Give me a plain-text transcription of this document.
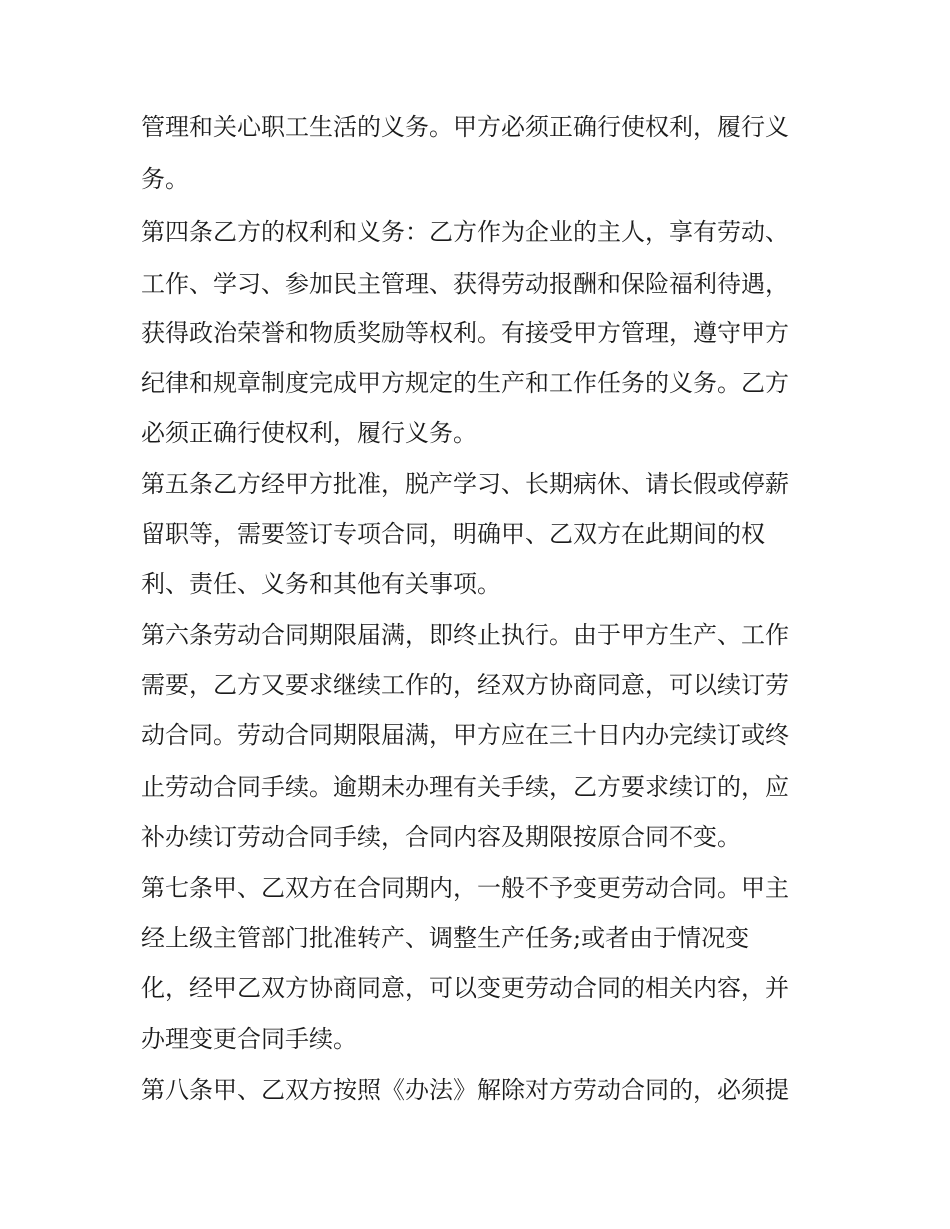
管理和关心职工生活的义务。甲方必须正确行使权利，履行义
务。
第四条乙方的权利和义务：乙方作为企业的主人，享有劳动、
工作、学习、参加民主管理、获得劳动报酬和保险福利待遇，
获得政治荣誉和物质奖励等权利。有接受甲方管理，遵守甲方
纪律和规章制度完成甲方规定的生产和工作任务的义务。乙方
必须正确行使权利，履行义务。
第五条乙方经甲方批准，脱产学习、长期病休、请长假或停薪
留职等，需要签订专项合同，明确甲、乙双方在此期间的权
利、责任、义务和其他有关事项。
第六条劳动合同期限届满，即终止执行。由于甲方生产、工作
需要，乙方又要求继续工作的，经双方协商同意，可以续订劳
动合同。劳动合同期限届满，甲方应在三十日内办完续订或终
止劳动合同手续。逾期未办理有关手续，乙方要求续订的，应
补办续订劳动合同手续，合同内容及期限按原合同不变。
第七条甲、乙双方在合同期内，一般不予变更劳动合同。甲主
经上级主管部门批准转产、调整生产任务;或者由于情况变
化，经甲乙双方协商同意，可以变更劳动合同的相关内容，并
办理变更合同手续。
第八条甲、乙双方按照《办法》解除对方劳动合同的，必须提
